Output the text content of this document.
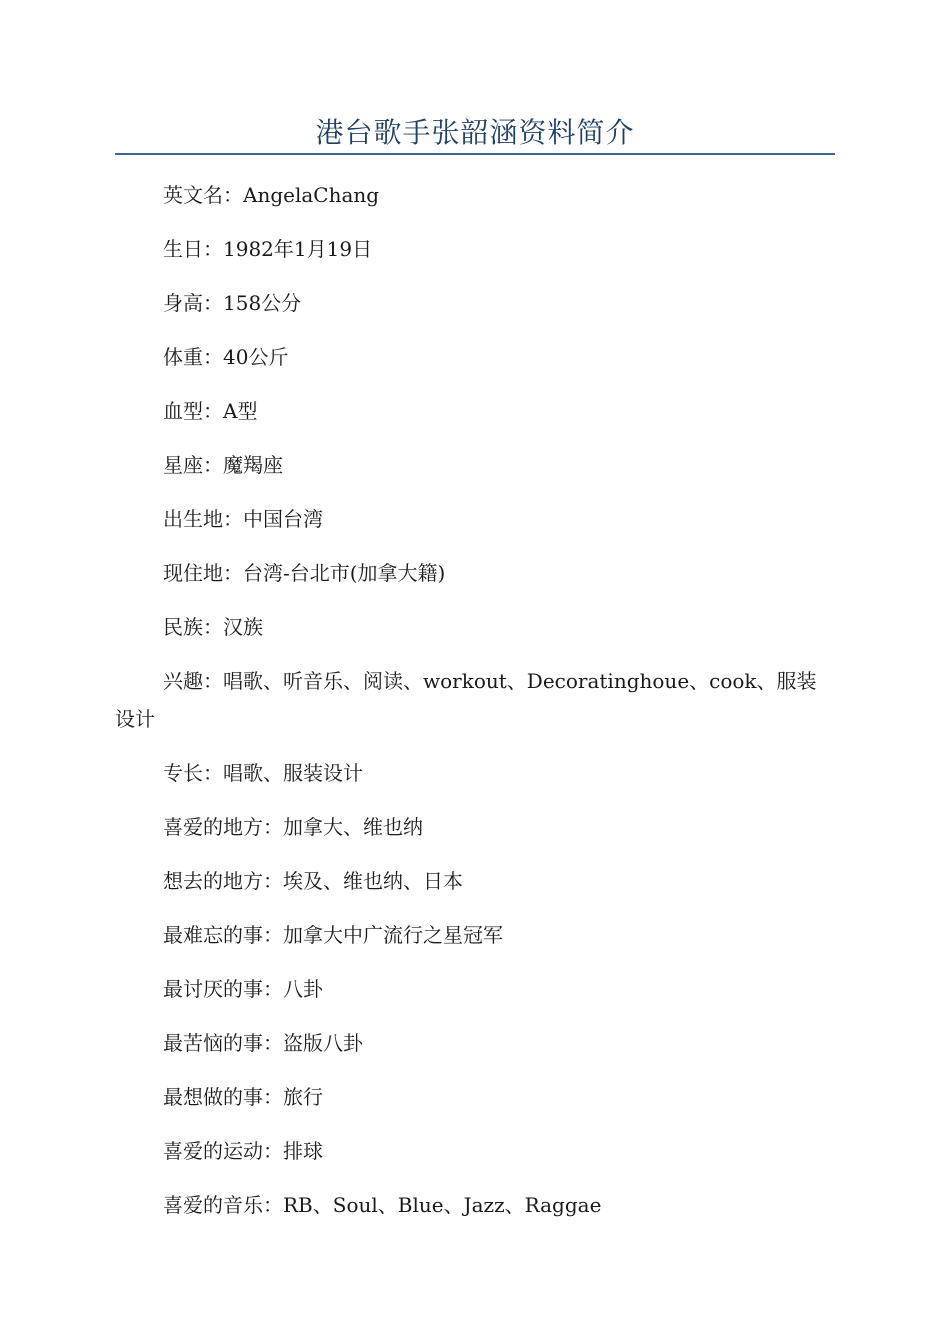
港台歌手张韶涵资料简介

英文名：AngelaChang

生日：1982年1月19日

身高：158公分

体重：40公斤

血型：A型

星座：魔羯座

出生地：中国台湾

现住地：台湾-台北市(加拿大籍)

民族：汉族

兴趣：唱歌、听音乐、阅读、workout、Decoratinghoue、cook、服装设计

专长：唱歌、服装设计

喜爱的地方：加拿大、维也纳

想去的地方：埃及、维也纳、日本

最难忘的事：加拿大中广流行之星冠军

最讨厌的事：八卦

最苦恼的事：盗版八卦

最想做的事：旅行

喜爱的运动：排球

喜爱的音乐：RB、Soul、Blue、Jazz、Raggae
